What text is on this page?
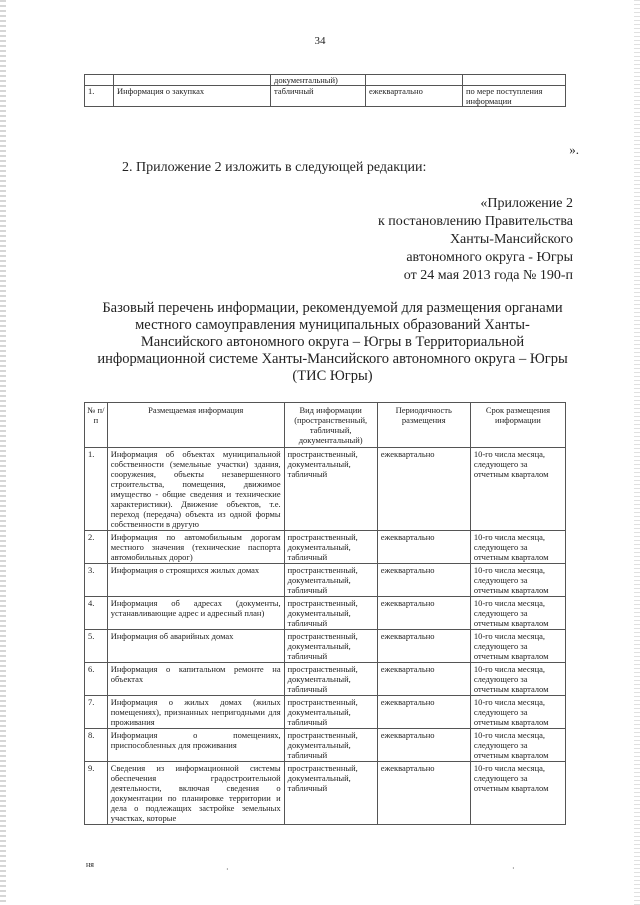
34
		документальный)		
1.	Информация о закупках	табличный	ежеквартально	по мере поступления информации
».
2. Приложение 2 изложить в следующей редакции:
«Приложение 2
к постановлению Правительства
Ханты-Мансийского
автономного округа - Югры
от 24 мая 2013 года № 190-п
Базовый перечень информации, рекомендуемой для размещения органами местного самоуправления муниципальных образований Ханты-Мансийского автономного округа – Югры в Территориальной информационной системе Ханты-Мансийского автономного округа – Югры (ТИС Югры)
№ п/п	Размещаемая информация	Вид информации (пространственный, табличный, документальный)	Периодичность размещения	Срок размещения информации
1.	Информация об объектах муниципальной собственности (земельные участки) здания, сооружения, объекты незавершенного строительства, помещения, движимое имущество - общие сведения и технические характеристики). Движение объектов, т.е. переход (передача) объекта из одной формы собственности в другую	пространственный, документальный, табличный	ежеквартально	10-го числа месяца, следующего за отчетным кварталом
2.	Информация по автомобильным дорогам местного значения (технические паспорта автомобильных дорог)	пространственный, документальный, табличный	ежеквартально	10-го числа месяца, следующего за отчетным кварталом
3.	Информация о строящихся жилых домах	пространственный, документальный, табличный	ежеквартально	10-го числа месяца, следующего за отчетным кварталом
4.	Информация об адресах (документы, устанавливающие адрес и адресный план)	пространственный, документальный, табличный	ежеквартально	10-го числа месяца, следующего за отчетным кварталом
5.	Информация об аварийных домах	пространственный, документальный, табличный	ежеквартально	10-го числа месяца, следующего за отчетным кварталом
6.	Информация о капитальном ремонте на объектах	пространственный, документальный, табличный	ежеквартально	10-го числа месяца, следующего за отчетным кварталом
7.	Информация о жилых домах (жилых помещениях), признанных непригодными для проживания	пространственный, документальный, табличный	ежеквартально	10-го числа месяца, следующего за отчетным кварталом
8.	Информация о помещениях, приспособленных для проживания	пространственный, документальный, табличный	ежеквартально	10-го числа месяца, следующего за отчетным кварталом
9.	Сведения из информационной системы обеспечения градостроительной деятельности, включая сведения о документации по планировке территории и дела о подлежащих застройке земельных участках, которые	пространственный, документальный, табличный	ежеквартально	10-го числа месяца, следующего за отчетным кварталом
ня
·	·
